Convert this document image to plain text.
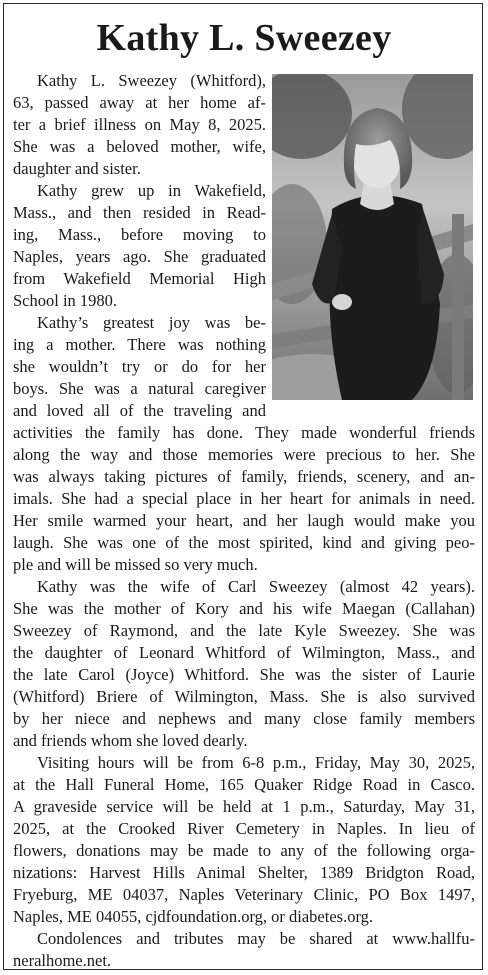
Kathy L. Sweezey
Kathy L. Sweezey (Whitford),
63, passed away at her home af-
ter a brief illness on May 8, 2025.
She was a beloved mother, wife,
daughter and sister.
Kathy grew up in Wakefield,
Mass., and then resided in Read-
ing, Mass., before moving to
Naples, years ago. She graduated
from Wakefield Memorial High
School in 1980.
Kathy’s greatest joy was be-
ing a mother. There was nothing
she wouldn’t try or do for her
boys. She was a natural caregiver
and loved all of the traveling and
activities the family has done. They made wonderful friends
along the way and those memories were precious to her. She
was always taking pictures of family, friends, scenery, and an-
imals. She had a special place in her heart for animals in need.
Her smile warmed your heart, and her laugh would make you
laugh. She was one of the most spirited, kind and giving peo-
ple and will be missed so very much.
Kathy was the wife of Carl Sweezey (almost 42 years).
She was the mother of Kory and his wife Maegan (Callahan)
Sweezey of Raymond, and the late Kyle Sweezey. She was
the daughter of Leonard Whitford of Wilmington, Mass., and
the late Carol (Joyce) Whitford. She was the sister of Laurie
(Whitford) Briere of Wilmington, Mass. She is also survived
by her niece and nephews and many close family members
and friends whom she loved dearly.
Visiting hours will be from 6-8 p.m., Friday, May 30, 2025,
at the Hall Funeral Home, 165 Quaker Ridge Road in Casco.
A graveside service will be held at 1 p.m., Saturday, May 31,
2025, at the Crooked River Cemetery in Naples. In lieu of
flowers, donations may be made to any of the following orga-
nizations: Harvest Hills Animal Shelter, 1389 Bridgton Road,
Fryeburg, ME 04037, Naples Veterinary Clinic, PO Box 1497,
Naples, ME 04055, cjdfoundation.org, or diabetes.org.
Condolences and tributes may be shared at www.hallfu-
neralhome.net.
